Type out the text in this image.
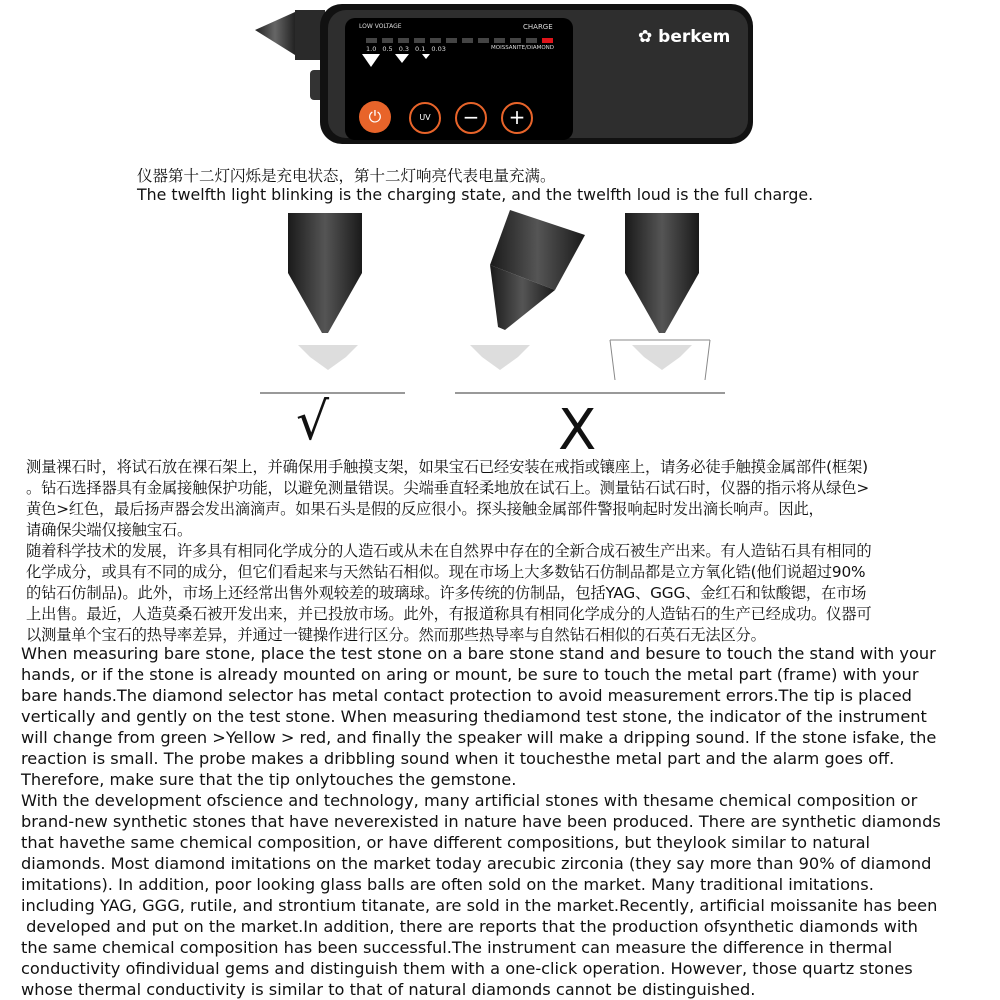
LOW VOLTAGE	CHARGE
1.0 0.5 0.3 0.1 0.03	MOISSANITE/DIAMOND
✿ berkem
⏻	UV	−	+
仪器第十二灯闪烁是充电状态，第十二灯响亮代表电量充满。
The twelfth light blinking is the charging state, and the twelfth loud is the full charge.
√	X
测量裸石时，将试石放在裸石架上，并确保用手触摸支架，如果宝石已经安装在戒指或镶座上，请务必徒手触摸金属部件(框架)
。钻石选择器具有金属接触保护功能，以避免测量错误。尖端垂直轻柔地放在试石上。测量钻石试石时，仪器的指示将从绿色>
黄色>红色，最后扬声器会发出滴滴声。如果石头是假的反应很小。探头接触金属部件警报响起时发出滴长响声。因此，
请确保尖端仅接触宝石。
随着科学技术的发展，许多具有相同化学成分的人造石或从未在自然界中存在的全新合成石被生产出来。有人造钻石具有相同的
化学成分，或具有不同的成分，但它们看起来与天然钻石相似。现在市场上大多数钻石仿制品都是立方氧化锆(他们说超过90%
的钻石仿制品)。此外，市场上还经常出售外观较差的玻璃球。许多传统的仿制品，包括YAG、GGG、金红石和钛酸锶，在市场
上出售。最近，人造莫桑石被开发出来，并已投放市场。此外，有报道称具有相同化学成分的人造钻石的生产已经成功。仪器可
以测量单个宝石的热导率差异，并通过一键操作进行区分。然而那些热导率与自然钻石相似的石英石无法区分。
When measuring bare stone, place the test stone on a bare stone stand and besure to touch the stand with your
hands, or if the stone is already mounted on aring or mount, be sure to touch the metal part (frame) with your
bare hands.The diamond selector has metal contact protection to avoid measurement errors.The tip is placed
vertically and gently on the test stone. When measuring thediamond test stone, the indicator of the instrument
will change from green >Yellow > red, and finally the speaker will make a dripping sound. lf the stone isfake, the
reaction is small. The probe makes a dribbling sound when it touchesthe metal part and the alarm goes off.
Therefore, make sure that the tip onlytouches the gemstone.
With the development ofscience and technology, many artificial stones with thesame chemical composition or
brand-new synthetic stones that have neverexisted in nature have been produced. There are synthetic diamonds
that havethe same chemical composition, or have different compositions, but theylook similar to natural
diamonds. Most diamond imitations on the market today arecubic zirconia (they say more than 90% of diamond
imitations). In addition, poor looking glass balls are often sold on the market. Many traditional imitations.
including YAG, GGG, rutile, and strontium titanate, are sold in the market.Recently, artificial moissanite has been
developed and put on the market.In addition, there are reports that the production ofsynthetic diamonds with
the same chemical composition has been successful.The instrument can measure the difference in thermal
conductivity ofindividual gems and distinguish them with a one-click operation. However, those quartz stones
whose thermal conductivity is similar to that of natural diamonds cannot be distinguished.
